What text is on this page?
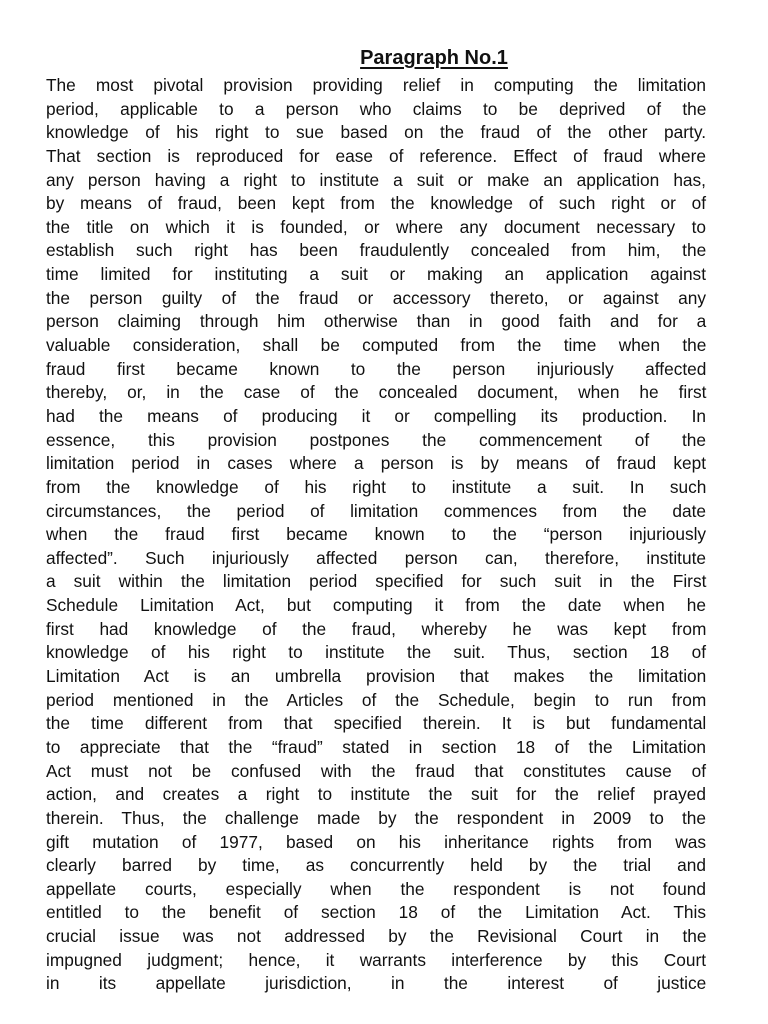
Paragraph No.1
The most pivotal provision providing relief in computing the limitation
period, applicable to a person who claims to be deprived of the
knowledge of his right to sue based on the fraud of the other party.
That section is reproduced for ease of reference. Effect of fraud where
any person having a right to institute a suit or make an application has,
by means of fraud, been kept from the knowledge of such right or of
the title on which it is founded, or where any document necessary to
establish such right has been fraudulently concealed from him, the
time limited for instituting a suit or making an application against
the person guilty of the fraud or accessory thereto, or against any
person claiming through him otherwise than in good faith and for a
valuable consideration, shall be computed from the time when the
fraud first became known to the person injuriously affected
thereby, or, in the case of the concealed document, when he first
had the means of producing it or compelling its production. In
essence, this provision postpones the commencement of the
limitation period in cases where a person is by means of fraud kept
from the knowledge of his right to institute a suit. In such
circumstances, the period of limitation commences from the date
when the fraud first became known to the “person injuriously
affected”. Such injuriously affected person can, therefore, institute
a suit within the limitation period specified for such suit in the First
Schedule Limitation Act, but computing it from the date when he
first had knowledge of the fraud, whereby he was kept from
knowledge of his right to institute the suit. Thus, section 18 of
Limitation Act is an umbrella provision that makes the limitation
period mentioned in the Articles of the Schedule, begin to run from
the time different from that specified therein. It is but fundamental
to appreciate that the “fraud” stated in section 18 of the Limitation
Act must not be confused with the fraud that constitutes cause of
action, and creates a right to institute the suit for the relief prayed
therein. Thus, the challenge made by the respondent in 2009 to the
gift mutation of 1977, based on his inheritance rights from was
clearly barred by time, as concurrently held by the trial and
appellate courts, especially when the respondent is not found
entitled to the benefit of section 18 of the Limitation Act. This
crucial issue was not addressed by the Revisional Court in the
impugned judgment; hence, it warrants interference by this Court
in its appellate jurisdiction, in the interest of justice
